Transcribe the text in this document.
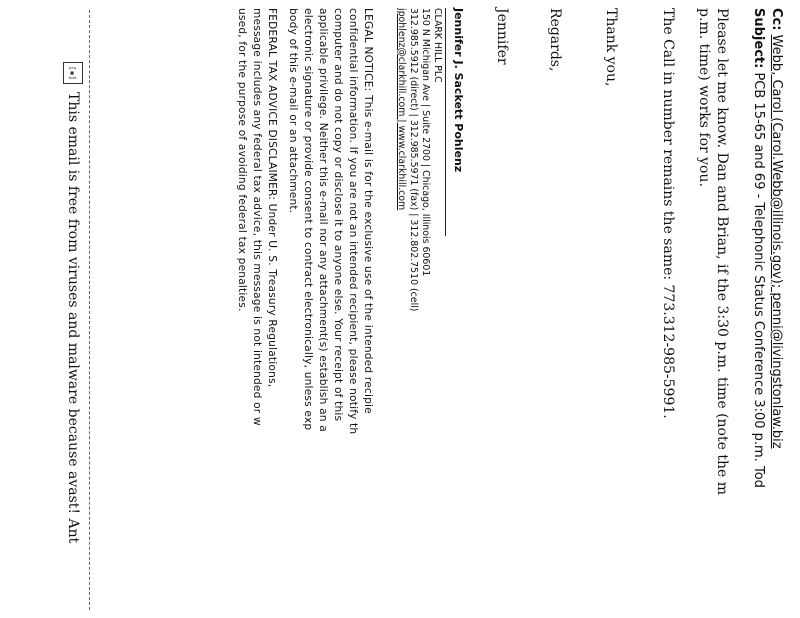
Cc: Webb, Carol (Carol.Webb@illinois.gov); penni@livingstonlaw.biz
Subject: PCB 15-65 and 69 - Telephonic Status Conference 3:00 p.m. Tod
Please let me know. Dan and Brian, if the 3:30 p.m. time (note the m
p.m. time) works for you.
The Call in number remains the same: 773.312-985-5991.
Thank you,
Regards,
Jennifer
Jennifer J. Sackett Pohlenz
CLARK HILL PLC
150 N Michigan Ave | Suite 2700 | Chicago, Illinois 60601
312.985.5912 (direct) | 312.985.5971 (fax) | 312.802.7510 (cell)
jpohlenz@clarkhill.com | www.clarkhill.com
LEGAL NOTICE: This e-mail is for the exclusive use of the intended recipie
confidential information. If you are not an intended recipient, please notify th
computer and do not copy or disclose it to anyone else. Your receipt of this
applicable privilege. Neither this e-mail nor any attachment(s) establish an a
electronic signature or provide consent to contract electronically, unless exp
body of this e-mail or an attachment.
FEDERAL TAX ADVICE DISCLAIMER: Under U. S. Treasury Regulations,
message includes any federal tax advice, this message is not intended or w
used, for the purpose of avoiding federal tax penalties.
[▪]
This email is free from viruses and malware because avast! Ant
